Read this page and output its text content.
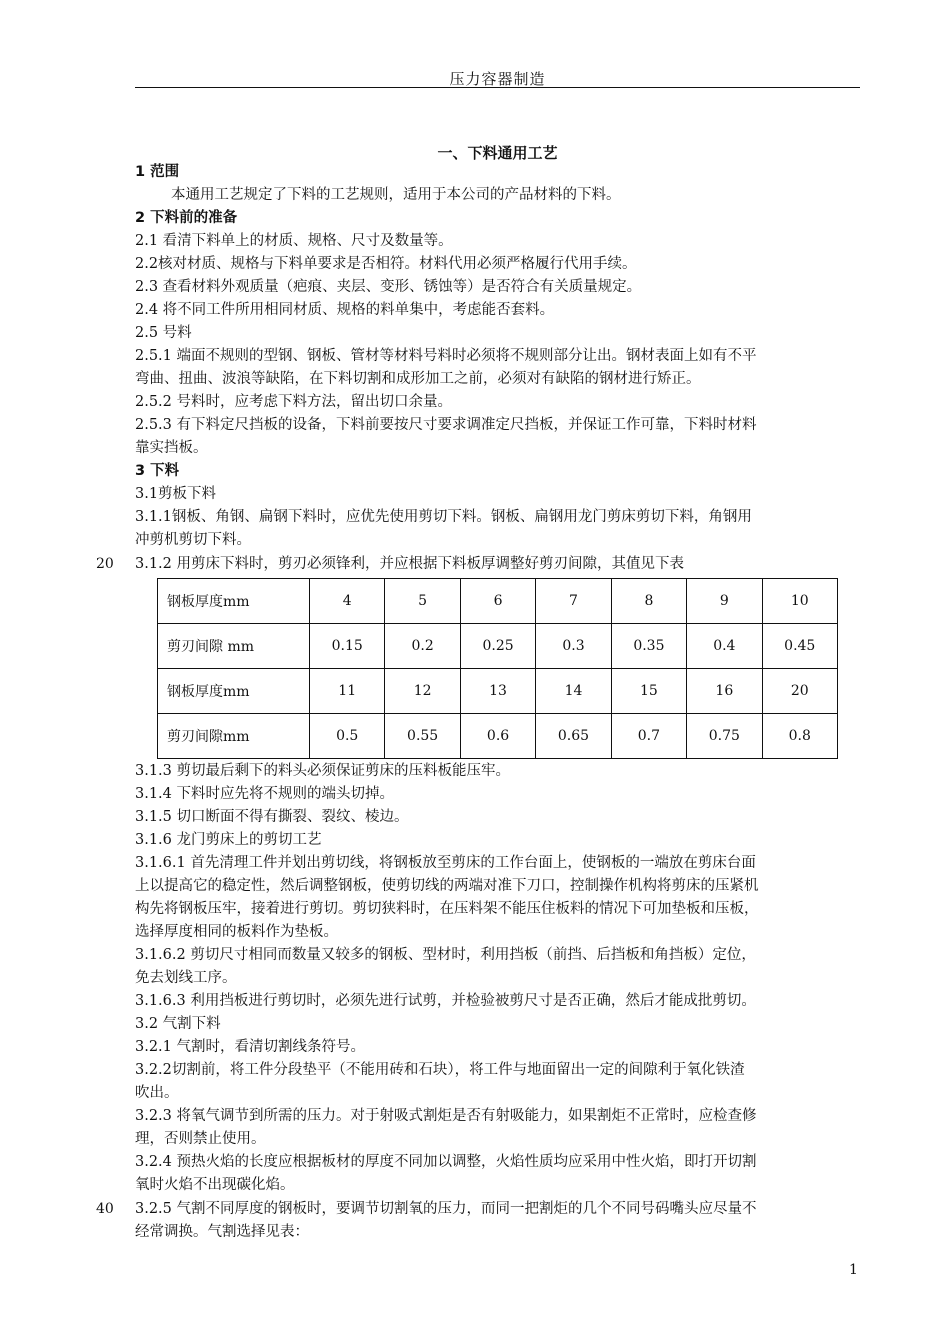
压力容器制造
一、下料通用工艺
1 范围
本通用工艺规定了下料的工艺规则，适用于本公司的产品材料的下料。
2 下料前的准备
2.1 看清下料单上的材质、规格、尺寸及数量等。
2.2核对材质、规格与下料单要求是否相符。材料代用必须严格履行代用手续。
2.3 查看材料外观质量（疤痕、夹层、变形、锈蚀等）是否符合有关质量规定。
2.4 将不同工件所用相同材质、规格的料单集中，考虑能否套料。
2.5 号料
2.5.1 端面不规则的型钢、钢板、管材等材料号料时必须将不规则部分让出。钢材表面上如有不平
弯曲、扭曲、波浪等缺陷，在下料切割和成形加工之前，必须对有缺陷的钢材进行矫正。
2.5.2 号料时，应考虑下料方法，留出切口余量。
2.5.3 有下料定尺挡板的设备，下料前要按尺寸要求调准定尺挡板，并保证工作可靠，下料时材料
靠实挡板。
3 下料
3.1剪板下料
3.1.1钢板、角钢、扁钢下料时，应优先使用剪切下料。钢板、扁钢用龙门剪床剪切下料，角钢用
冲剪机剪切下料。
20 3.1.2 用剪床下料时，剪刃必须锋利，并应根据下料板厚调整好剪刃间隙，其值见下表
钢板厚度mm	4	5	6	7	8	9	10
剪刃间隙 mm	0.15	0.2	0.25	0.3	0.35	0.4	0.45
钢板厚度mm	11	12	13	14	15	16	20
剪刃间隙mm	0.5	0.55	0.6	0.65	0.7	0.75	0.8
3.1.3 剪切最后剩下的料头必须保证剪床的压料板能压牢。
3.1.4 下料时应先将不规则的端头切掉。
3.1.5 切口断面不得有撕裂、裂纹、棱边。
3.1.6 龙门剪床上的剪切工艺
3.1.6.1 首先清理工件并划出剪切线，将钢板放至剪床的工作台面上，使钢板的一端放在剪床台面
上以提高它的稳定性，然后调整钢板，使剪切线的两端对准下刀口，控制操作机构将剪床的压紧机
构先将钢板压牢，接着进行剪切。剪切狭料时，在压料架不能压住板料的情况下可加垫板和压板，
选择厚度相同的板料作为垫板。
3.1.6.2 剪切尺寸相同而数量又较多的钢板、型材时，利用挡板（前挡、后挡板和角挡板）定位，
免去划线工序。
3.1.6.3 利用挡板进行剪切时，必须先进行试剪，并检验被剪尺寸是否正确，然后才能成批剪切。
3.2 气割下料
3.2.1 气割时，看清切割线条符号。
3.2.2切割前，将工件分段垫平（不能用砖和石块），将工件与地面留出一定的间隙利于氧化铁渣
吹出。
3.2.3 将氧气调节到所需的压力。对于射吸式割炬是否有射吸能力，如果割炬不正常时，应检查修
理，否则禁止使用。
3.2.4 预热火焰的长度应根据板材的厚度不同加以调整，火焰性质均应采用中性火焰，即打开切割
氧时火焰不出现碳化焰。
40 3.2.5 气割不同厚度的钢板时，要调节切割氧的压力，而同一把割炬的几个不同号码嘴头应尽量不
经常调换。气割选择见表：
1
